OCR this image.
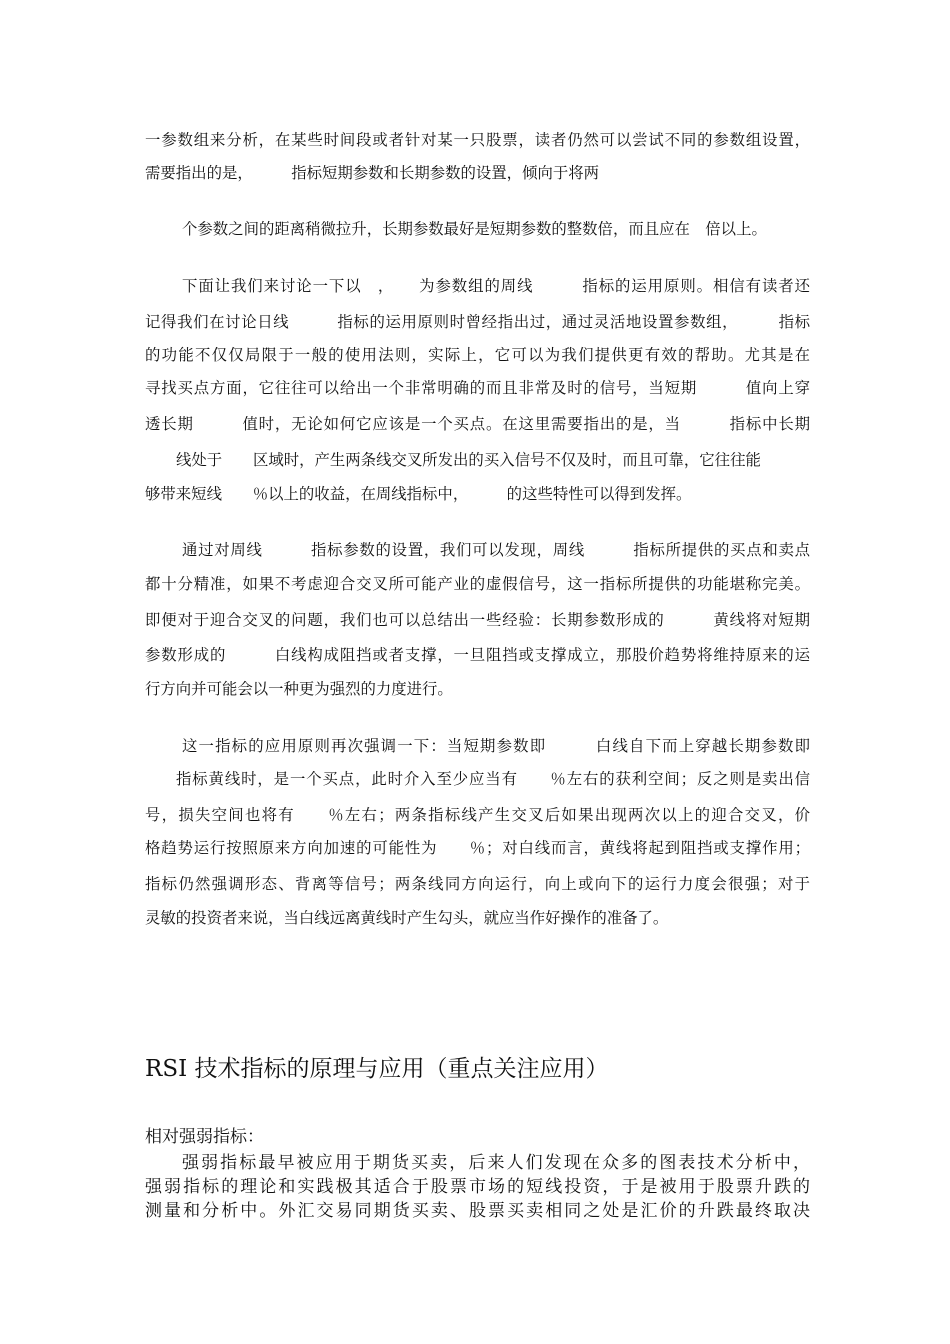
一参数组来分析，在某些时间段或者针对某一只股票，读者仍然可以尝试不同的参数组设置，
需要指出的是，　　　指标短期参数和长期参数的设置，倾向于将两
个参数之间的距离稍微拉升，长期参数最好是短期参数的整数倍，而且应在　倍以上。
下面让我们来讨论一下以　，　　为参数组的周线　　　指标的运用原则。相信有读者还
记得我们在讨论日线　　　指标的运用原则时曾经指出过，通过灵活地设置参数组，　　　指标
的功能不仅仅局限于一般的使用法则，实际上，它可以为我们提供更有效的帮助。尤其是在
寻找买点方面，它往往可以给出一个非常明确的而且非常及时的信号，当短期　　　值向上穿
透长期　　　值时，无论如何它应该是一个买点。在这里需要指出的是，当　　　指标中长期
线处于　　区域时，产生两条线交叉所发出的买入信号不仅及时，而且可靠，它往往能
够带来短线　　％以上的收益，在周线指标中，　　　的这些特性可以得到发挥。
通过对周线　　　指标参数的设置，我们可以发现，周线　　　指标所提供的买点和卖点
都十分精准，如果不考虑迎合交叉所可能产业的虚假信号，这一指标所提供的功能堪称完美。
即便对于迎合交叉的问题，我们也可以总结出一些经验：长期参数形成的　　　黄线将对短期
参数形成的　　　白线构成阻挡或者支撑，一旦阻挡或支撑成立，那股价趋势将维持原来的运
行方向并可能会以一种更为强烈的力度进行。
这一指标的应用原则再次强调一下：当短期参数即　　　白线自下而上穿越长期参数即
指标黄线时，是一个买点，此时介入至少应当有　　％左右的获利空间；反之则是卖出信
号，损失空间也将有　　％左右；两条指标线产生交叉后如果出现两次以上的迎合交叉，价
格趋势运行按照原来方向加速的可能性为　　％；对白线而言，黄线将起到阻挡或支撑作用；
指标仍然强调形态、背离等信号；两条线同方向运行，向上或向下的运行力度会很强；对于
灵敏的投资者来说，当白线远离黄线时产生勾头，就应当作好操作的准备了。
RSI 技术指标的原理与应用（重点关注应用）
相对强弱指标：
强弱指标最早被应用于期货买卖，后来人们发现在众多的图表技术分析中，
强弱指标的理论和实践极其适合于股票市场的短线投资，于是被用于股票升跌的
测量和分析中。外汇交易同期货买卖、股票买卖相同之处是汇价的升跌最终取决
